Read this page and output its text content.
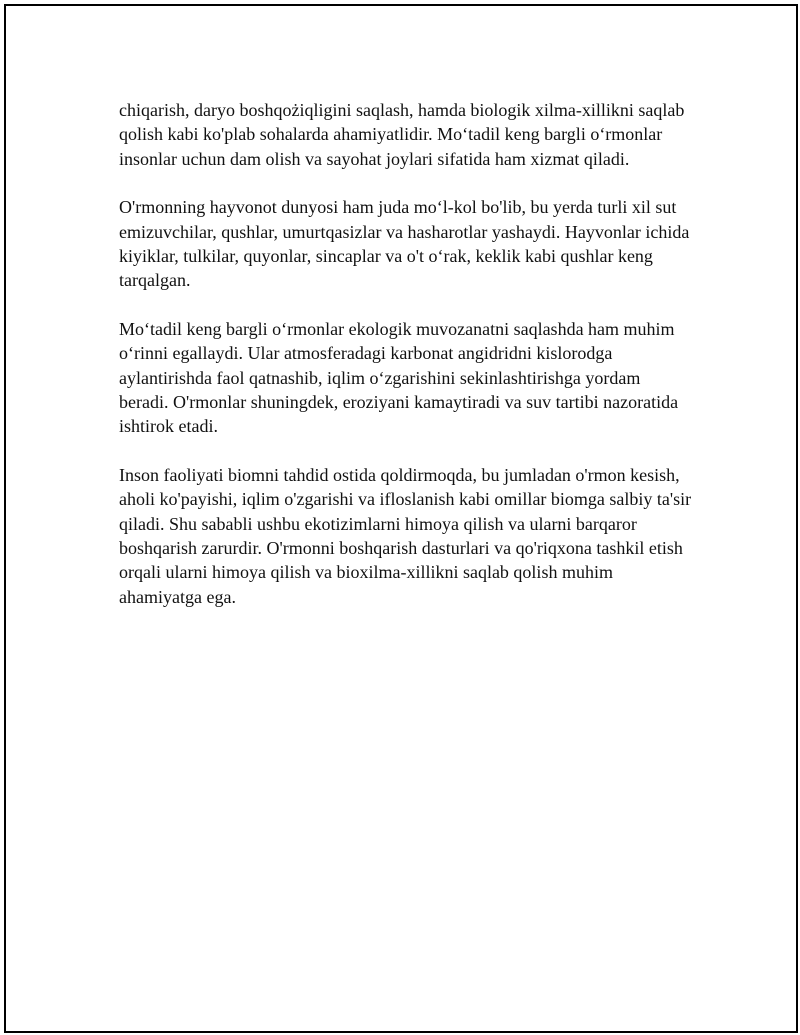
chiqarish, daryo boshqożiqligini saqlash, hamda biologik xilma-xillikni saqlab qolish kabi ko'plab sohalarda ahamiyatlidir. Moʻtadil keng bargli oʻrmonlar insonlar uchun dam olish va sayohat joylari sifatida ham xizmat qiladi.

O'rmonning hayvonot dunyosi ham juda moʻl-kol bo'lib, bu yerda turli xil sut emizuvchilar, qushlar, umurtqasizlar va hasharotlar yashaydi. Hayvonlar ichida kiyiklar, tulkilar, quyonlar, sincaplar va o't oʻrak, keklik kabi qushlar keng tarqalgan.

Moʻtadil keng bargli oʻrmonlar ekologik muvozanatni saqlashda ham muhim oʻrinni egallaydi. Ular atmosferadagi karbonat angidridni kislorodga aylantirishda faol qatnashib, iqlim oʻzgarishini sekinlashtirishga yordam beradi. O'rmonlar shuningdek, eroziyani kamaytiradi va suv tartibi nazoratida ishtirok etadi.

Inson faoliyati biomni tahdid ostida qoldirmoqda, bu jumladan o'rmon kesish, aholi ko'payishi, iqlim o'zgarishi va ifloslanish kabi omillar biomga salbiy ta'sir qiladi. Shu sababli ushbu ekotizimlarni himoya qilish va ularni barqaror boshqarish zarurdir. O'rmonni boshqarish dasturlari va qo'riqxona tashkil etish orqali ularni himoya qilish va bioxilma-xillikni saqlab qolish muhim ahamiyatga ega.
